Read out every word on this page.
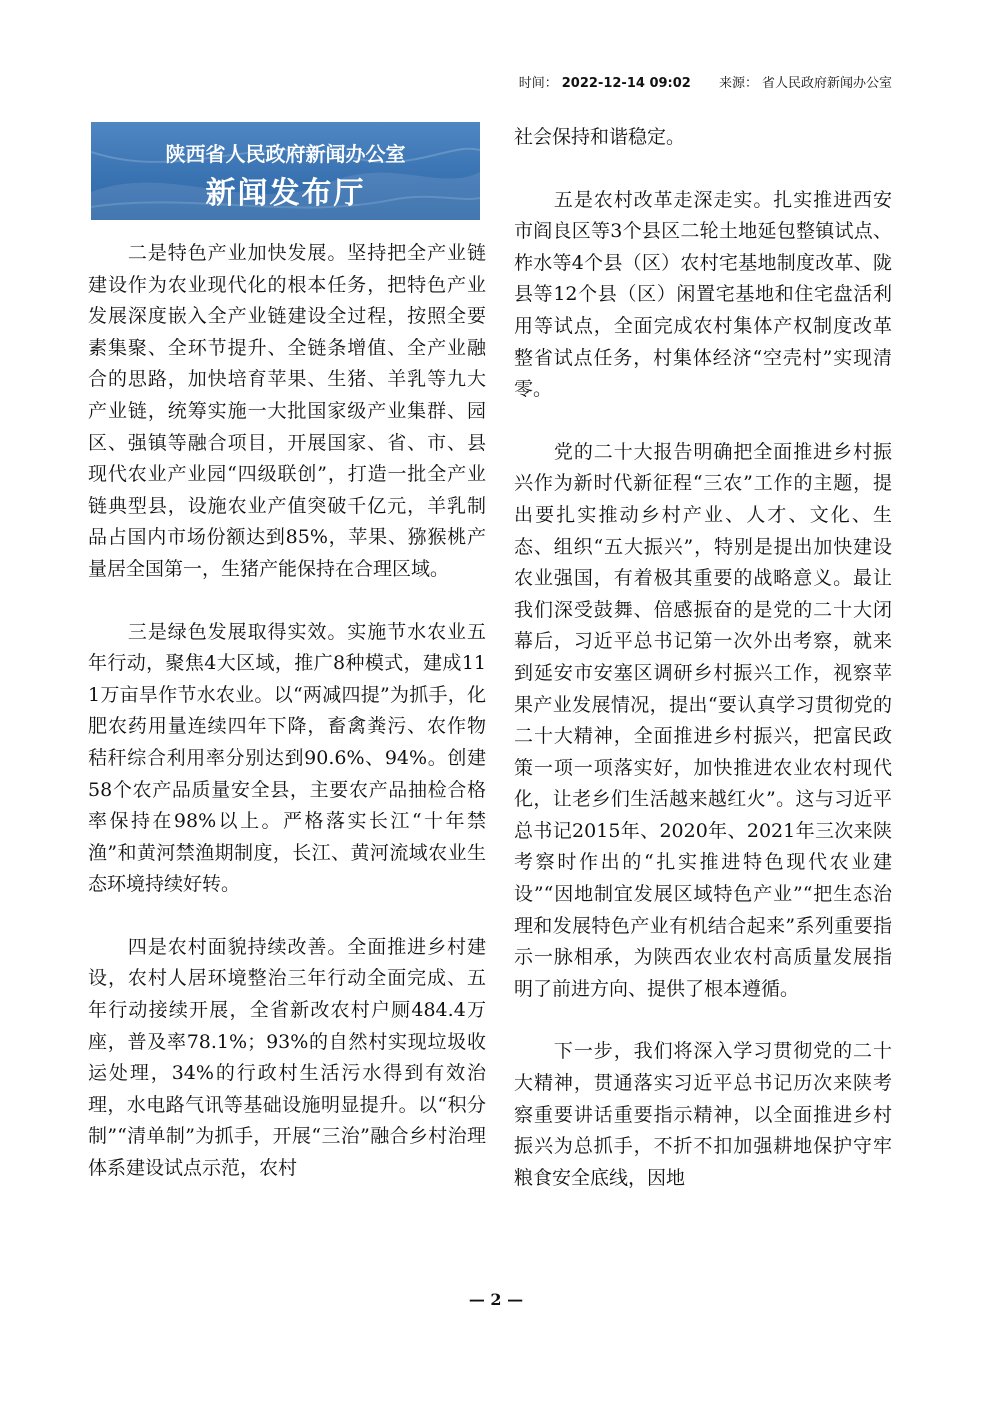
时间： 2022-12-14 09:02 来源： 省人民政府新闻办公室
陕西省人民政府新闻办公室
新闻发布厅

二是特色产业加快发展。坚持把全产业链建设作为农业现代化的根本任务，把特色产业发展深度嵌入全产业链建设全过程，按照全要素集聚、全环节提升、全链条增值、全产业融合的思路，加快培育苹果、生猪、羊乳等九大产业链，统筹实施一大批国家级产业集群、园区、强镇等融合项目，开展国家、省、市、县现代农业产业园“四级联创”，打造一批全产业链典型县，设施农业产值突破千亿元，羊乳制品占国内市场份额达到85%，苹果、猕猴桃产量居全国第一，生猪产能保持在合理区域。

三是绿色发展取得实效。实施节水农业五年行动，聚焦4大区域，推广8种模式，建成111万亩旱作节水农业。以“两减四提”为抓手，化肥农药用量连续四年下降，畜禽粪污、农作物秸秆综合利用率分别达到90.6%、94%。创建58个农产品质量安全县，主要农产品抽检合格率保持在98%以上。严格落实长江“十年禁渔”和黄河禁渔期制度，长江、黄河流域农业生态环境持续好转。

四是农村面貌持续改善。全面推进乡村建设，农村人居环境整治三年行动全面完成、五年行动接续开展，全省新改农村户厕484.4万座，普及率78.1%；93%的自然村实现垃圾收运处理，34%的行政村生活污水得到有效治理，水电路气讯等基础设施明显提升。以“积分制”“清单制”为抓手，开展“三治”融合乡村治理体系建设试点示范，农村

社会保持和谐稳定。

五是农村改革走深走实。扎实推进西安市阎良区等3个县区二轮土地延包整镇试点、柞水等4个县（区）农村宅基地制度改革、陇县等12个县（区）闲置宅基地和住宅盘活利用等试点，全面完成农村集体产权制度改革整省试点任务，村集体经济“空壳村”实现清零。

党的二十大报告明确把全面推进乡村振兴作为新时代新征程“三农”工作的主题，提出要扎实推动乡村产业、人才、文化、生态、组织“五大振兴”，特别是提出加快建设农业强国，有着极其重要的战略意义。最让我们深受鼓舞、倍感振奋的是党的二十大闭幕后，习近平总书记第一次外出考察，就来到延安市安塞区调研乡村振兴工作，视察苹果产业发展情况，提出“要认真学习贯彻党的二十大精神，全面推进乡村振兴，把富民政策一项一项落实好，加快推进农业农村现代化，让老乡们生活越来越红火”。这与习近平总书记2015年、2020年、2021年三次来陕考察时作出的“扎实推进特色现代农业建设”“因地制宜发展区域特色产业”“把生态治理和发展特色产业有机结合起来”系列重要指示一脉相承，为陕西农业农村高质量发展指明了前进方向、提供了根本遵循。

下一步，我们将深入学习贯彻党的二十大精神，贯通落实习近平总书记历次来陕考察重要讲话重要指示精神，以全面推进乡村振兴为总抓手，不折不扣加强耕地保护守牢粮食安全底线，因地

— 2 —
